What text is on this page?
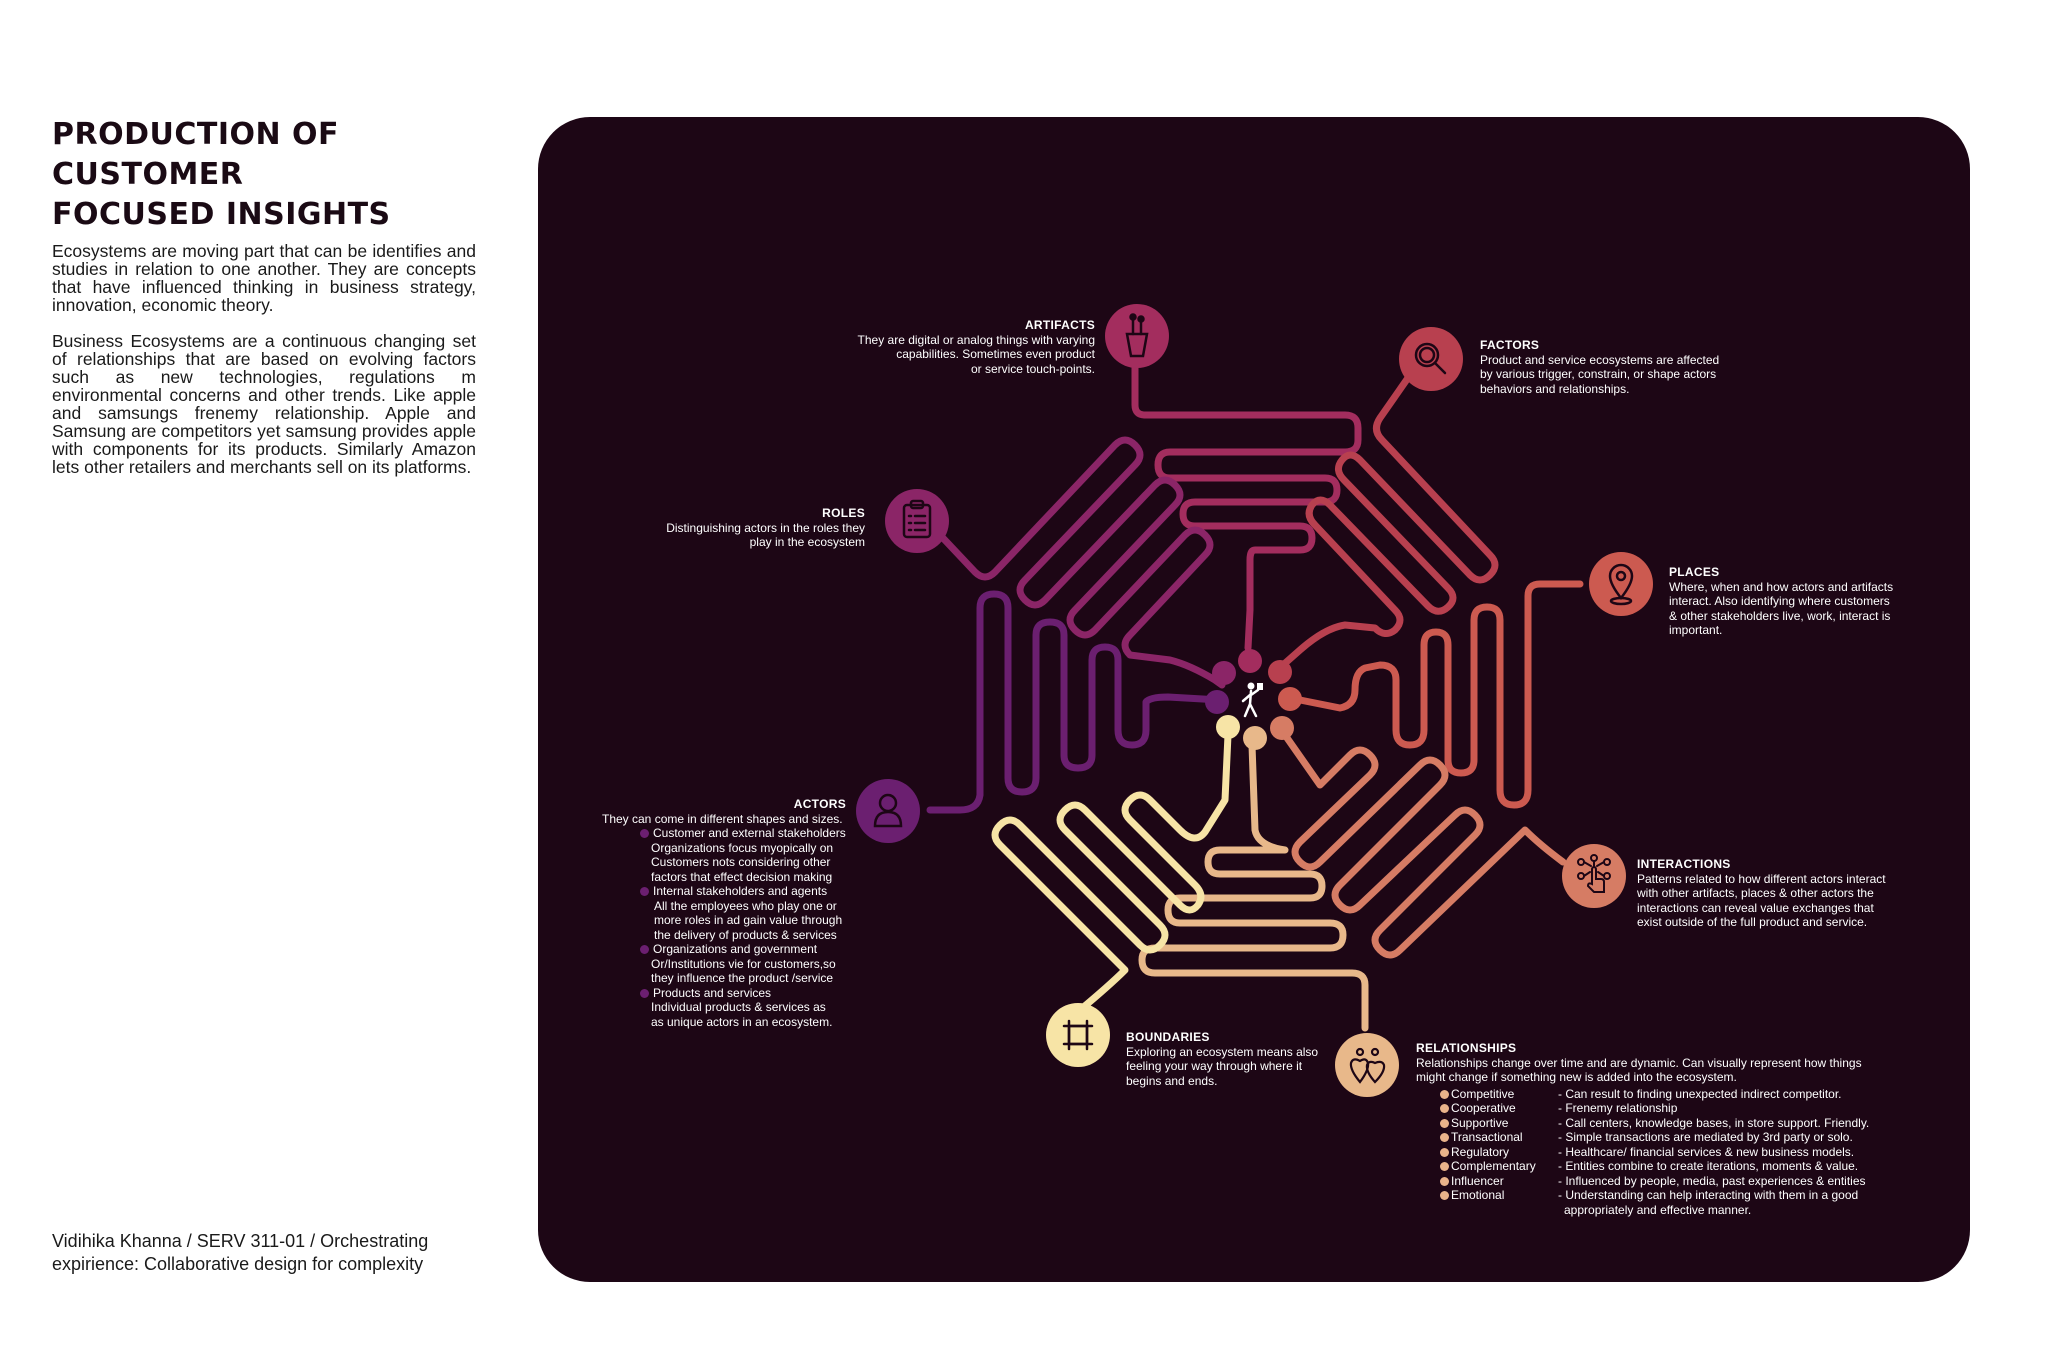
PRODUCTION OF CUSTOMER
FOCUSED INSIGHTS

Ecosystems are moving part that can be identifies and studies in relation to one another. They are concepts that have influenced thinking in business strategy, innovation, economic theory.

Business Ecosystems are a continuous changing set of relationships that are based on evolving factors such as new technologies, regulations m environmental concerns and other trends. Like apple and samsungs frenemy relationship. Apple and Samsung are competitors yet samsung provides apple with components for its products. Similarly Amazon lets other retailers and merchants sell on its platforms.

Vidihika Khanna / SERV 311-01 / Orchestrating
expirience: Collaborative design for complexity
ARTIFACTS
They are digital or analog things with varying
capabilities. Sometimes even product
or service touch-points.
FACTORS
Product and service ecosystems are affected
by various trigger, constrain, or shape actors
behaviors and relationships.
ROLES
Distinguishing actors in the roles they
play in the ecosystem
PLACES
Where, when and how actors and artifacts
interact. Also identifying where customers
& other stakeholders live, work, interact is
important.
ACTORS
They can come in different shapes and sizes.
Customer and external stakeholders
Organizations focus myopically on
Customers nots considering other
factors that effect decision making
Internal stakeholders and agents
All the employees who play one or
more roles in ad gain value through
the delivery of products & services
Organizations and government
Or/Institutions vie for customers,so
they influence the product /service
Products and services
Individual products & services as
as unique actors in an ecosystem.
INTERACTIONS
Patterns related to how different actors interact
with other artifacts, places & other actors the
interactions can reveal value exchanges that
exist outside of the full product and service.
BOUNDARIES
Exploring an ecosystem means also
feeling your way through where it
begins and ends.
RELATIONSHIPS
Relationships change over time and are dynamic. Can visually represent how things
might change if something new is added into the ecosystem.
Competitive	- Can result to finding unexpected indirect competitor.
Cooperative	- Frenemy relationship
Supportive	- Call centers, knowledge bases, in store support. Friendly.
Transactional	- Simple transactions are mediated by 3rd party or solo.
Regulatory	- Healthcare/ financial services & new business models.
Complementary	- Entities combine to create iterations, moments & value.
Influencer	- Influenced by people, media, past experiences & entities
Emotional	- Understanding can help interacting with them in a good
appropriately and effective manner.
